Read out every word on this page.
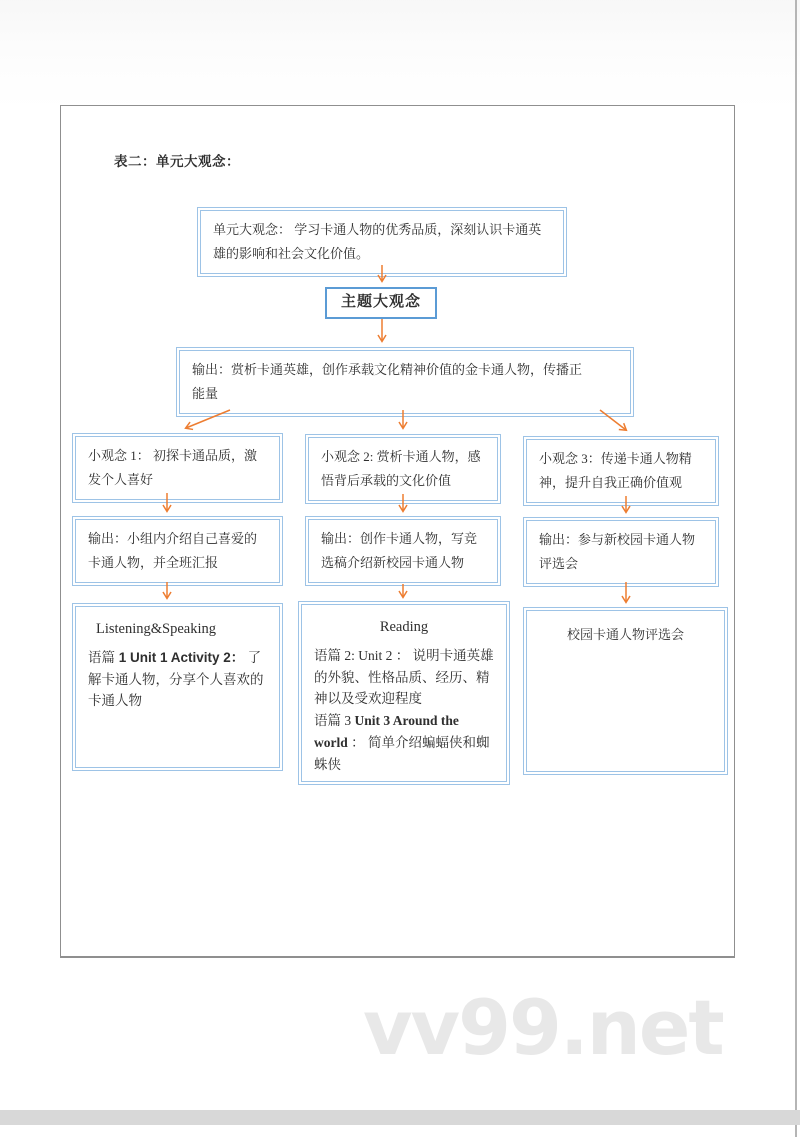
表二：单元大观念：
单元大观念： 学习卡通人物的优秀品质，深刻认识卡通英雄的影响和社会文化价值。
主题大观念
输出：赏析卡通英雄，创作承载文化精神价值的金卡通人物，传播正能量
小观念 1： 初探卡通品质，激发个人喜好
小观念 2: 赏析卡通人物，感悟背后承载的文化价值
小观念 3：传递卡通人物精神，提升自我正确价值观
输出：小组内介绍自己喜爱的卡通人物，并全班汇报
输出：创作卡通人物，写竞选稿介绍新校园卡通人物
输出：参与新校园卡通人物评选会
Listening&Speaking
语篇 1 Unit 1 Activity 2： 了解卡通人物，分享个人喜欢的卡通人物
Reading
语篇 2: Unit 2 ： 说明卡通英雄的外貌、性格品质、经历、精神以及受欢迎程度
语篇 3 Unit 3 Around the world ： 简单介绍蝙蝠侠和蜘蛛侠
校园卡通人物评选会
vv99.net
